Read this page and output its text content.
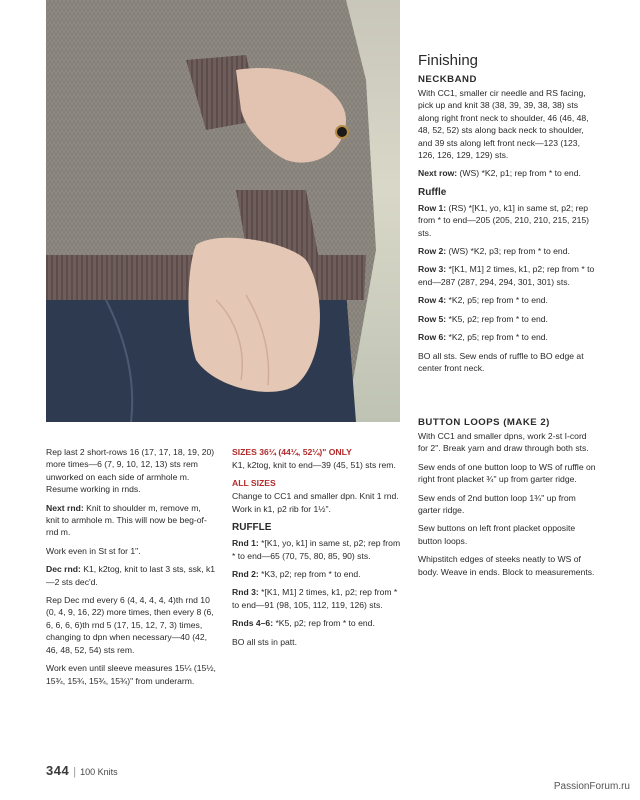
Finishing
NECKBAND

With CC1, smaller cir needle and RS facing, pick up and knit 38 (38, 39, 39, 38, 38) sts along right front neck to shoulder, 46 (46, 48, 48, 52, 52) sts along back neck to shoulder, and 39 sts along left front neck—123 (123, 126, 126, 129, 129) sts.

Next row: (WS) *K2, p1; rep from * to end.

Ruffle

Row 1: (RS) *[K1, yo, k1] in same st, p2; rep from * to end—205 (205, 210, 210, 215, 215) sts.

Row 2: (WS) *K2, p3; rep from * to end.

Row 3: *[K1, M1] 2 times, k1, p2; rep from * to end—287 (287, 294, 294, 301, 301) sts.

Row 4: *K2, p5; rep from * to end.

Row 5: *K5, p2; rep from * to end.

Row 6: *K2, p5; rep from * to end.

BO all sts. Sew ends of ruffle to BO edge at center front neck.

BUTTON LOOPS (MAKE 2)

With CC1 and smaller dpns, work 2-st I-cord for 2". Break yarn and draw through both sts.

Sew ends of one button loop to WS of ruffle on right front placket ¾" up from garter ridge.

Sew ends of 2nd button loop 1¾" up from garter ridge.

Sew buttons on left front placket opposite button loops.

Whipstitch edges of steeks neatly to WS of body. Weave in ends. Block to measurements.

Rep last 2 short-rows 16 (17, 17, 18, 19, 20) more times—6 (7, 9, 10, 12, 13) sts rem unworked on each side of armhole m. Resume working in rnds.

Next rnd: Knit to shoulder m, remove m, knit to armhole m. This will now be beg-of-rnd m.

Work even in St st for 1".

Dec rnd: K1, k2tog, knit to last 3 sts, ssk, k1—2 sts dec'd.

Rep Dec rnd every 6 (4, 4, 4, 4, 4)th rnd 10 (0, 4, 9, 16, 22) more times, then every 8 (6, 6, 6, 6, 6)th rnd 5 (17, 15, 12, 7, 3) times, changing to dpn when necessary—40 (42, 46, 48, 52, 54) sts rem.

Work even until sleeve measures 15¼ (15½, 15¾, 15¾, 15¾, 15¾)" from underarm.

SIZES 36¼ (44¼, 52¼)" ONLY

K1, k2tog, knit to end—39 (45, 51) sts rem.

ALL SIZES

Change to CC1 and smaller dpn. Knit 1 rnd. Work in k1, p2 rib for 1½".

RUFFLE

Rnd 1: *[K1, yo, k1] in same st, p2; rep from * to end—65 (70, 75, 80, 85, 90) sts.

Rnd 2: *K3, p2; rep from * to end.

Rnd 3: *[K1, M1] 2 times, k1, p2; rep from * to end—91 (98, 105, 112, 119, 126) sts.

Rnds 4–6: *K5, p2; rep from * to end.

BO all sts in patt.

344 | 100 Knits
PassionForum.ru
